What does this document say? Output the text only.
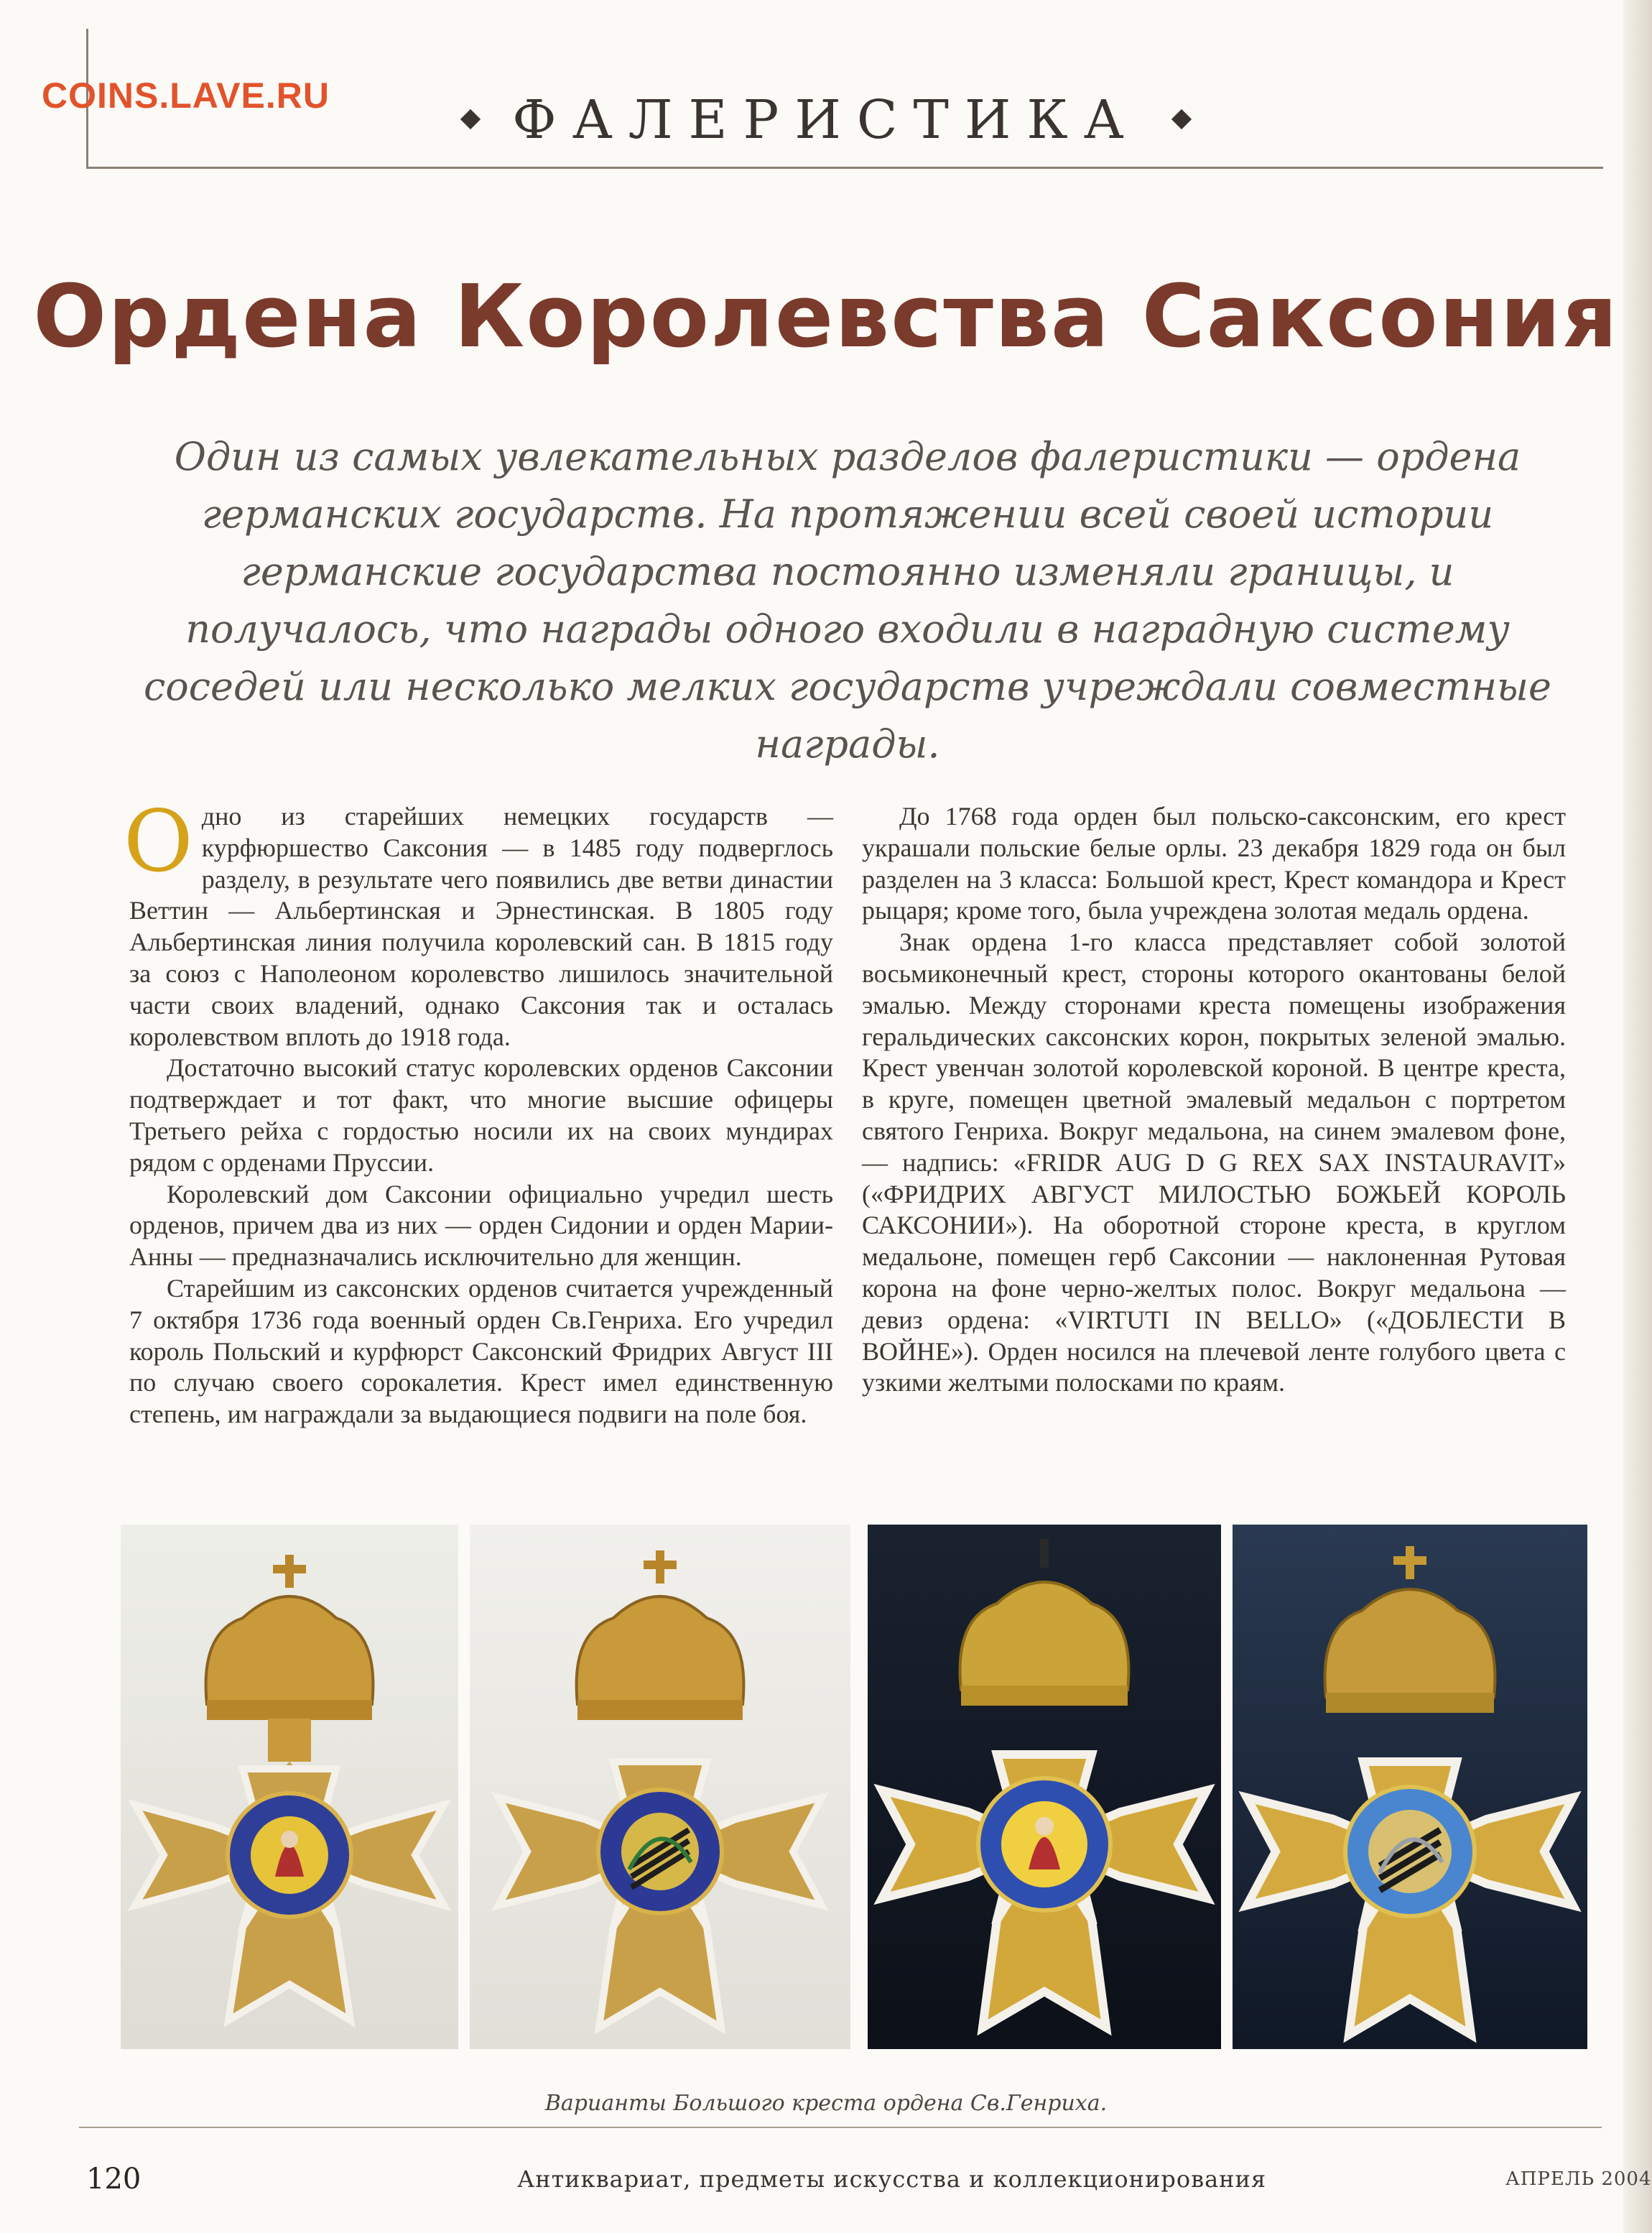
COINS.LAVE.RU	ФАЛЕРИСТИКА
Ордена Королевства Саксония

Один из самых увлекательных разделов фалеристики — ордена германских государств. На протяжении всей своей истории германские государства постоянно изменяли границы, и получалось, что награды одного входили в наградную систему соседей или несколько мелких государств учреждали совместные награды.

Одно из старейших немецких государств — курфюршество Саксония — в 1485 году подверглось разделу, в результате чего появились две ветви династии Веттин — Альбертинская и Эрнестинская. В 1805 году Альбертинская линия получила королевский сан. В 1815 году за союз с Наполеоном королевство лишилось значительной части своих владений, однако Саксония так и осталась королевством вплоть до 1918 года.

Достаточно высокий статус королевских орденов Саксонии подтверждает и тот факт, что многие высшие офицеры Третьего рейха с гордостью носили их на своих мундирах рядом с орденами Пруссии.

Королевский дом Саксонии официально учредил шесть орденов, причем два из них — орден Сидонии и орден Марии-Анны — предназначались исключительно для женщин.

Старейшим из саксонских орденов считается учрежденный 7 октября 1736 года военный орден Св.Генриха. Его учредил король Польский и курфюрст Саксонский Фридрих Август III по случаю своего сорокалетия. Крест имел единственную степень, им награждали за выдающиеся подвиги на поле боя.

До 1768 года орден был польско-саксонским, его крест украшали польские белые орлы. 23 декабря 1829 года он был разделен на 3 класса: Большой крест, Крест командора и Крест рыцаря; кроме того, была учреждена золотая медаль ордена.

Знак ордена 1-го класса представляет собой золотой восьмиконечный крест, стороны которого окантованы белой эмалью. Между сторонами креста помещены изображения геральдических саксонских корон, покрытых зеленой эмалью. Крест увенчан золотой королевской короной. В центре креста, в круге, помещен цветной эмалевый медальон с портретом святого Генриха. Вокруг медальона, на синем эмалевом фоне, — надпись: «FRIDR AUG D G REX SAX INSTAURAVIT» («ФРИДРИХ АВГУСТ МИЛОСТЬЮ БОЖЬЕЙ КОРОЛЬ САКСОНИИ»). На оборотной стороне креста, в круглом медальоне, помещен герб Саксонии — наклоненная Рутовая корона на фоне черно-желтых полос. Вокруг медальона — девиз ордена: «VIRTUTI IN BELLO» («ДОБЛЕСТИ В ВОЙНЕ»). Орден носился на плечевой ленте голубого цвета с узкими желтыми полосками по краям.

Варианты Большого креста ордена Св.Генриха.
120	Антиквариат, предметы искусства и коллекционирования	АПРЕЛЬ 2004
